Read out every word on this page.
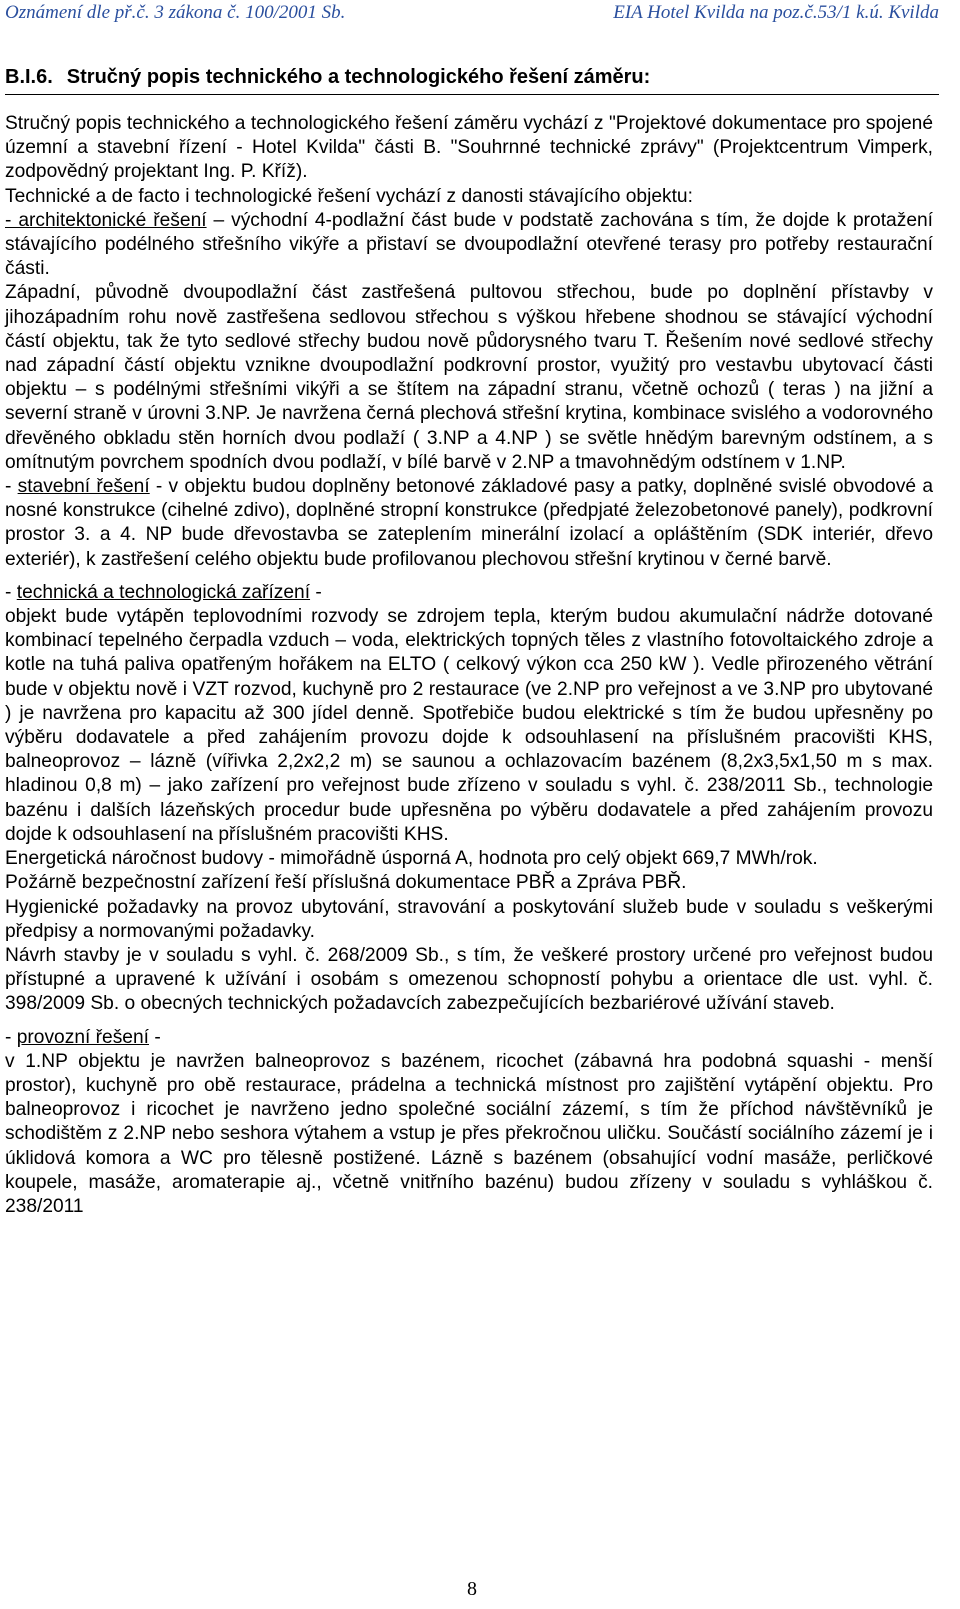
Oznámení dle př.č. 3 zákona č. 100/2001 Sb.	EIA Hotel Kvilda na poz.č.53/1 k.ú. Kvilda
B.I.6. Stručný popis technického a technologického řešení záměru:

Stručný popis technického a technologického řešení záměru vychází z "Projektové dokumentace pro spojené územní a stavební řízení - Hotel Kvilda" části B. "Souhrnné technické zprávy" (Projektcentrum Vimperk, zodpovědný projektant Ing. P. Kříž).

Technické a de facto i technologické řešení vychází z danosti stávajícího objektu:

- architektonické řešení – východní 4-podlažní část bude v podstatě zachována s tím, že dojde k protažení stávajícího podélného střešního vikýře a přistaví se dvoupodlažní otevřené terasy pro potřeby restaurační části.

Západní, původně dvoupodlažní část zastřešená pultovou střechou, bude po doplnění přístavby v jihozápadním rohu nově zastřešena sedlovou střechou s výškou hřebene shodnou se stávající východní částí objektu, tak že tyto sedlové střechy budou nově půdorysného tvaru T. Řešením nové sedlové střechy nad západní částí objektu vznikne dvoupodlažní podkrovní prostor, využitý pro vestavbu ubytovací části objektu – s podélnými střešními vikýři a se štítem na západní stranu, včetně ochozů ( teras ) na jižní a severní straně v úrovni 3.NP. Je navržena černá plechová střešní krytina, kombinace svislého a vodorovného dřevěného obkladu stěn horních dvou podlaží ( 3.NP a 4.NP ) se světle hnědým barevným odstínem, a s omítnutým povrchem spodních dvou podlaží, v bílé barvě v 2.NP a tmavohnědým odstínem v 1.NP.

- stavební řešení - v objektu budou doplněny betonové základové pasy a patky, doplněné svislé obvodové a nosné konstrukce (cihelné zdivo), doplněné stropní konstrukce (předpjaté železobetonové panely), podkrovní prostor 3. a 4. NP bude dřevostavba se zateplením minerální izolací a opláštěním (SDK interiér, dřevo exteriér), k zastřešení celého objektu bude profilovanou plechovou střešní krytinou v černé barvě.

- technická a technologická zařízení -

objekt bude vytápěn teplovodními rozvody se zdrojem tepla, kterým budou akumulační nádrže dotované kombinací tepelného čerpadla vzduch – voda, elektrických topných těles z vlastního fotovoltaického zdroje a kotle na tuhá paliva opatřeným hořákem na ELTO ( celkový výkon cca 250 kW ). Vedle přirozeného větrání bude v objektu nově i VZT rozvod, kuchyně pro 2 restaurace (ve 2.NP pro veřejnost a ve 3.NP pro ubytované ) je navržena pro kapacitu až 300 jídel denně. Spotřebiče budou elektrické s tím že budou upřesněny po výběru dodavatele a před zahájením provozu dojde k odsouhlasení na příslušném pracovišti KHS, balneoprovoz – lázně (vířivka 2,2x2,2 m) se saunou a ochlazovacím bazénem (8,2x3,5x1,50 m s max. hladinou 0,8 m) – jako zařízení pro veřejnost bude zřízeno v souladu s vyhl. č. 238/2011 Sb., technologie bazénu i dalších lázeňských procedur bude upřesněna po výběru dodavatele a před zahájením provozu dojde k odsouhlasení na příslušném pracovišti KHS.

Energetická náročnost budovy - mimořádně úsporná A, hodnota pro celý objekt 669,7 MWh/rok.

Požárně bezpečnostní zařízení řeší příslušná dokumentace PBŘ a Zpráva PBŘ.

Hygienické požadavky na provoz ubytování, stravování a poskytování služeb bude v souladu s veškerými předpisy a normovanými požadavky.

Návrh stavby je v souladu s vyhl. č. 268/2009 Sb., s tím, že veškeré prostory určené pro veřejnost budou přístupné a upravené k užívání i osobám s omezenou schopností pohybu a orientace dle ust. vyhl. č. 398/2009 Sb. o obecných technických požadavcích zabezpečujících bezbariérové užívání staveb.

- provozní řešení -

v 1.NP objektu je navržen balneoprovoz s bazénem, ricochet (zábavná hra podobná squashi - menší prostor), kuchyně pro obě restaurace, prádelna a technická místnost pro zajištění vytápění objektu. Pro balneoprovoz i ricochet je navrženo jedno společné sociální zázemí, s tím že příchod návštěvníků je schodištěm z 2.NP nebo seshora výtahem a vstup je přes překročnou uličku. Součástí sociálního zázemí je i úklidová komora a WC pro tělesně postižené. Lázně s bazénem (obsahující vodní masáže, perličkové koupele, masáže, aromaterapie aj., včetně vnitřního bazénu) budou zřízeny v souladu s vyhláškou č. 238/2011

8
